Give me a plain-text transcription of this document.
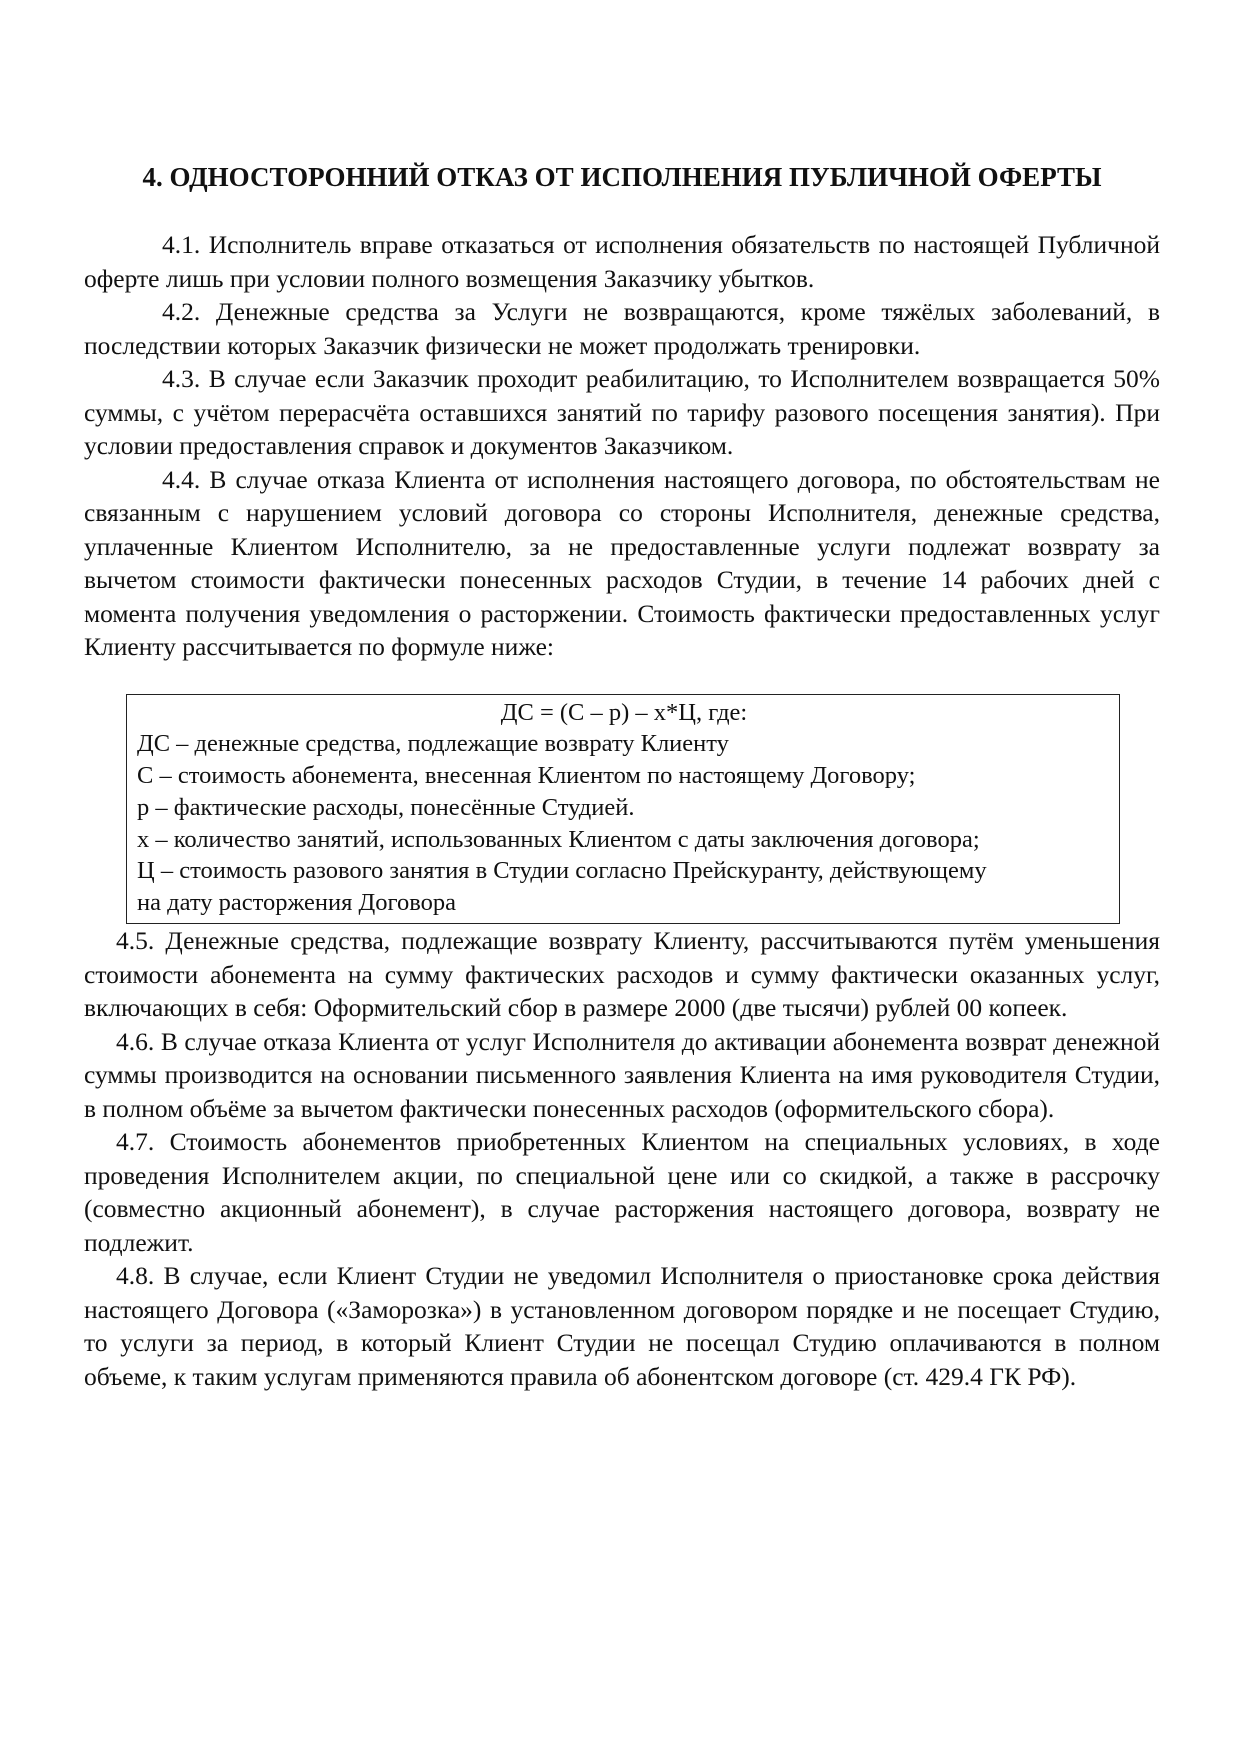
4. ОДНОСТОРОННИЙ ОТКАЗ ОТ ИСПОЛНЕНИЯ ПУБЛИЧНОЙ ОФЕРТЫ

4.1. Исполнитель вправе отказаться от исполнения обязательств по настоящей Публичной оферте лишь при условии полного возмещения Заказчику убытков.

4.2. Денежные средства за Услуги не возвращаются, кроме тяжёлых заболеваний, в последствии которых Заказчик физически не может продолжать тренировки.

4.3. В случае если Заказчик проходит реабилитацию, то Исполнителем возвращается 50% суммы, с учётом перерасчёта оставшихся занятий по тарифу разового посещения занятия). При условии предоставления справок и документов Заказчиком.

4.4. В случае отказа Клиента от исполнения настоящего договора, по обстоятельствам не связанным с нарушением условий договора со стороны Исполнителя, денежные средства, уплаченные Клиентом Исполнителю, за не предоставленные услуги подлежат возврату за вычетом стоимости фактически понесенных расходов Студии, в течение 14 рабочих дней с момента получения уведомления о расторжении. Стоимость фактически предоставленных услуг Клиенту рассчитывается по формуле ниже:

ДС = (С – р) – х*Ц, где:

ДС – денежные средства, подлежащие возврату Клиенту

С – стоимость абонемента, внесенная Клиентом по настоящему Договору;

р – фактические расходы, понесённые Студией.

х – количество занятий, использованных Клиентом с даты заключения договора;

Ц – стоимость разового занятия в Студии согласно Прейскуранту, действующему

на дату расторжения Договора

4.5. Денежные средства, подлежащие возврату Клиенту, рассчитываются путём уменьшения стоимости абонемента на сумму фактических расходов и сумму фактически оказанных услуг, включающих в себя: Оформительский сбор в размере 2000 (две тысячи) рублей 00 копеек.

4.6. В случае отказа Клиента от услуг Исполнителя до активации абонемента возврат денежной суммы производится на основании письменного заявления Клиента на имя руководителя Студии, в полном объёме за вычетом фактически понесенных расходов (оформительского сбора).

4.7. Стоимость абонементов приобретенных Клиентом на специальных условиях, в ходе проведения Исполнителем акции, по специальной цене или со скидкой, а также в рассрочку (совместно акционный абонемент), в случае расторжения настоящего договора, возврату не подлежит.

4.8. В случае, если Клиент Студии не уведомил Исполнителя о приостановке срока действия настоящего Договора («Заморозка») в установленном договором порядке и не посещает Студию, то услуги за период, в который Клиент Студии не посещал Студию оплачиваются в полном объеме, к таким услугам применяются правила об абонентском договоре (ст. 429.4 ГК РФ).
